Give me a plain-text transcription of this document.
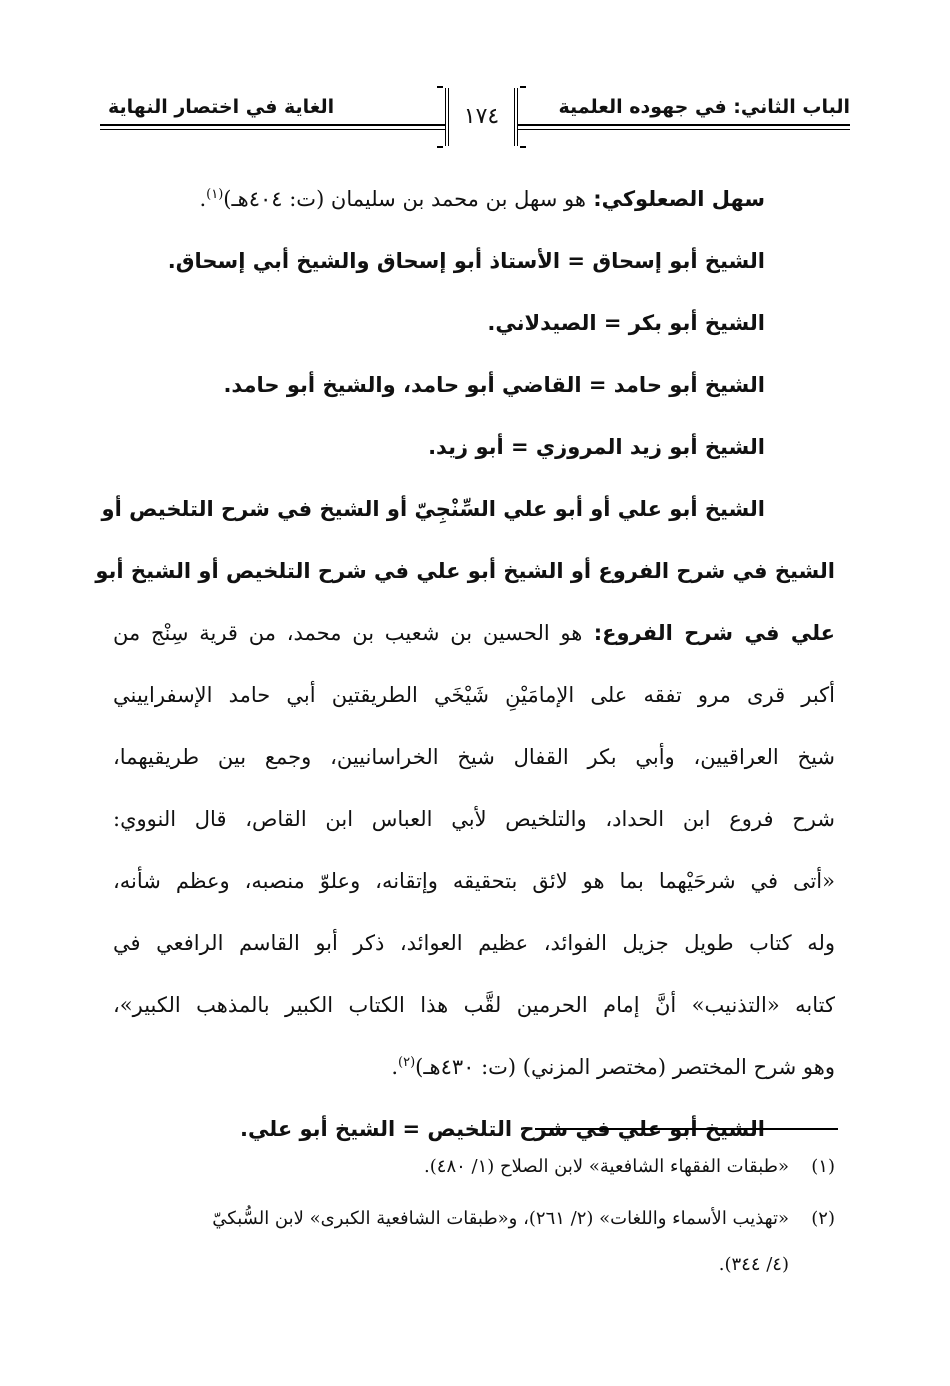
الباب الثاني: في جهوده العلمية
الغاية في اختصار النهاية	١٧٤
سهل الصعلوكي: هو سهل بن محمد بن سليمان (ت: ٤٠٤هـ)$^{(١)}$.
الشيخ أبو إسحاق = الأستاذ أبو إسحاق والشيخ أبي إسحاق.
الشيخ أبو بكر = الصيدلاني.
الشيخ أبو حامد = القاضي أبو حامد، والشيخ أبو حامد.
الشيخ أبو زيد المروزي = أبو زيد.
الشيخ أبو علي أو أبو علي السِّنْجِيّ أو الشيخ في شرح التلخيص أو
الشيخ في شرح الفروع أو الشيخ أبو علي في شرح التلخيص أو الشيخ أبو
علي في شرح الفروع: هو الحسين بن شعيب بن محمد، من قرية سِنْج من
أكبر قرى مرو تفقه على الإمامَيْنِ شَيْخَي الطريقتين أبي حامد الإسفراييني
شيخ العراقيين، وأبي بكر القفال شيخ الخراسانيين، وجمع بين طريقيهما،
شرح فروع ابن الحداد، والتلخيص لأبي العباس ابن القاص، قال النووي:
«أتى في شرحَيْهما بما هو لائق بتحقيقه وإتقانه، وعلوّ منصبه، وعظم شأنه،
وله كتاب طويل جزيل الفوائد، عظيم العوائد، ذكر أبو القاسم الرافعي في
كتابه «التذنيب» أنَّ إمام الحرمين لقَّب هذا الكتاب الكبير بالمذهب الكبير»،
وهو شرح المختصر (مختصر المزني) (ت: ٤٣٠هـ)$^{(٢)}$.
الشيخ أبو علي في شرح التلخيص = الشيخ أبو علي.
(١)«طبقات الفقهاء الشافعية» لابن الصلاح (١/ ٤٨٠).
(٢)«تهذيب الأسماء واللغات» (٢/ ٢٦١)، و«طبقات الشافعية الكبرى» لابن السُّبكيّ
(٤/ ٣٤٤).
